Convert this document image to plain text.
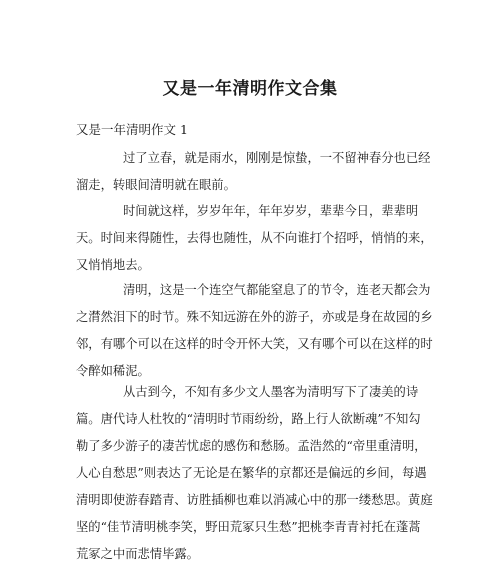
又是一年清明作文合集
又是一年清明作文 1
过了立春，就是雨水，刚刚是惊蛰，一不留神春分也已经
溜走，转眼间清明就在眼前。
时间就这样，岁岁年年，年年岁岁，辈辈今日，辈辈明
天。时间来得随性，去得也随性，从不向谁打个招呼，悄悄的来，
又悄悄地去。
清明，这是一个连空气都能窒息了的节令，连老天都会为
之潸然泪下的时节。殊不知远游在外的游子，亦或是身在故园的乡
邻，有哪个可以在这样的时令开怀大笑，又有哪个可以在这样的时
令醉如稀泥。
从古到今，不知有多少文人墨客为清明写下了凄美的诗
篇。唐代诗人杜牧的“清明时节雨纷纷，路上行人欲断魂”不知勾
勒了多少游子的凄苦忧虑的感伤和愁肠。孟浩然的“帝里重清明，
人心自愁思”则表达了无论是在繁华的京都还是偏远的乡间，每遇
清明即使游春踏青、访胜插柳也难以消减心中的那一缕愁思。黄庭
坚的“佳节清明桃李笑，野田荒冢只生愁”把桃李青青衬托在蓬蒿
荒冢之中而悲情毕露。
